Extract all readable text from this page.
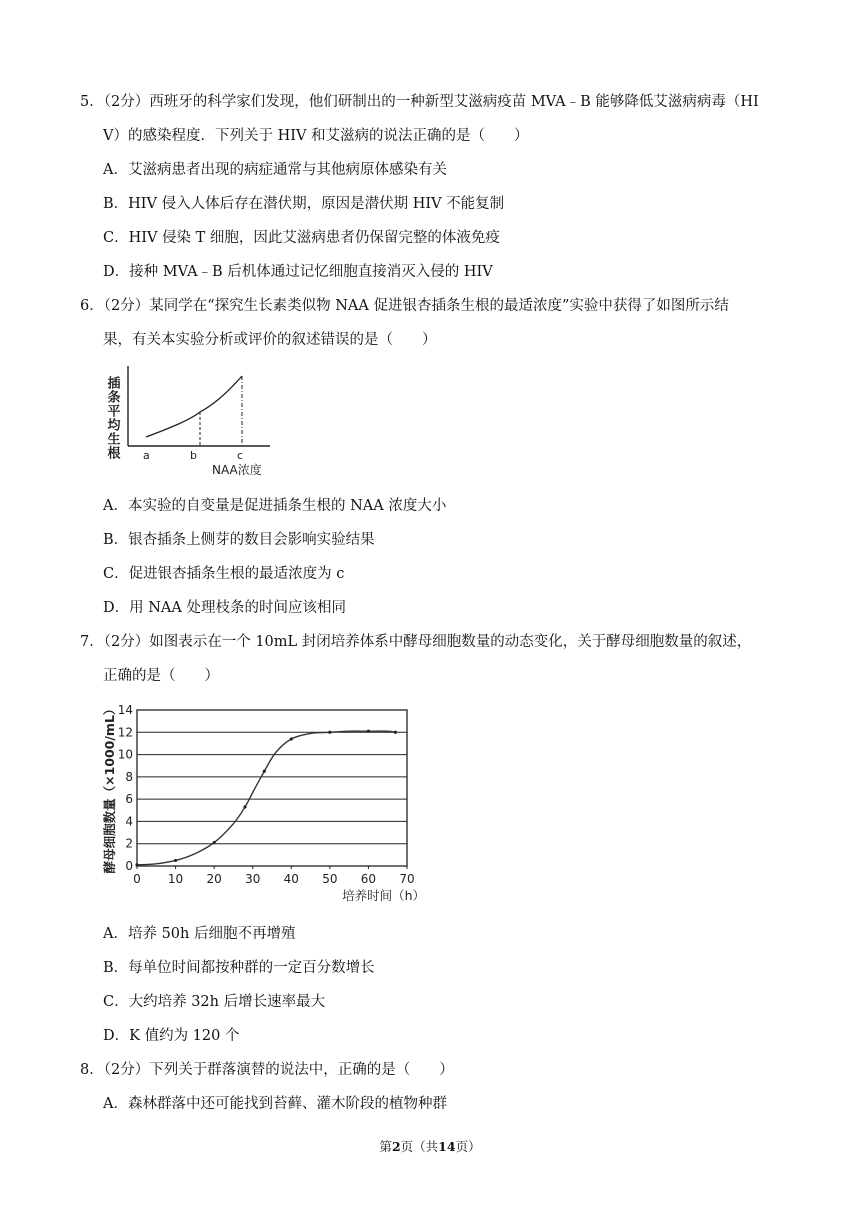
5．（2分）西班牙的科学家们发现，他们研制出的一种新型艾滋病疫苗 MVA﹣B 能够降低艾滋病病毒（HI
V）的感染程度．下列关于 HIV 和艾滋病的说法正确的是（　　）
A．艾滋病患者出现的病症通常与其他病原体感染有关
B．HIV 侵入人体后存在潜伏期，原因是潜伏期 HIV 不能复制
C．HIV 侵染 T 细胞，因此艾滋病患者仍保留完整的体液免疫
D．接种 MVA﹣B 后机体通过记忆细胞直接消灭入侵的 HIV
6．（2分）某同学在“探究生长素类似物 NAA 促进银杏插条生根的最适浓度”实验中获得了如图所示结
果，有关本实验分析或评价的叙述错误的是（　　）
插条平均生根 a	b	c
NAA浓度
A．本实验的自变量是促进插条生根的 NAA 浓度大小
B．银杏插条上侧芽的数目会影响实验结果
C．促进银杏插条生根的最适浓度为 c
D．用 NAA 处理枝条的时间应该相同
7．（2分）如图表示在一个 10mL 封闭培养体系中酵母细胞数量的动态变化，关于酵母细胞数量的叙述，
正确的是（　　）
0
2
4
6
8
10
12
14
0 10 20 30 40 50 60 70
培养时间（h）
酵母细胞数量（×1000/mL）
A．培养 50h 后细胞不再增殖
B．每单位时间都按种群的一定百分数增长
C．大约培养 32h 后增长速率最大
D．K 值约为 120 个
8．（2分）下列关于群落演替的说法中，正确的是（　　）
A．森林群落中还可能找到苔藓、灌木阶段的植物种群
第2页（共14页）
